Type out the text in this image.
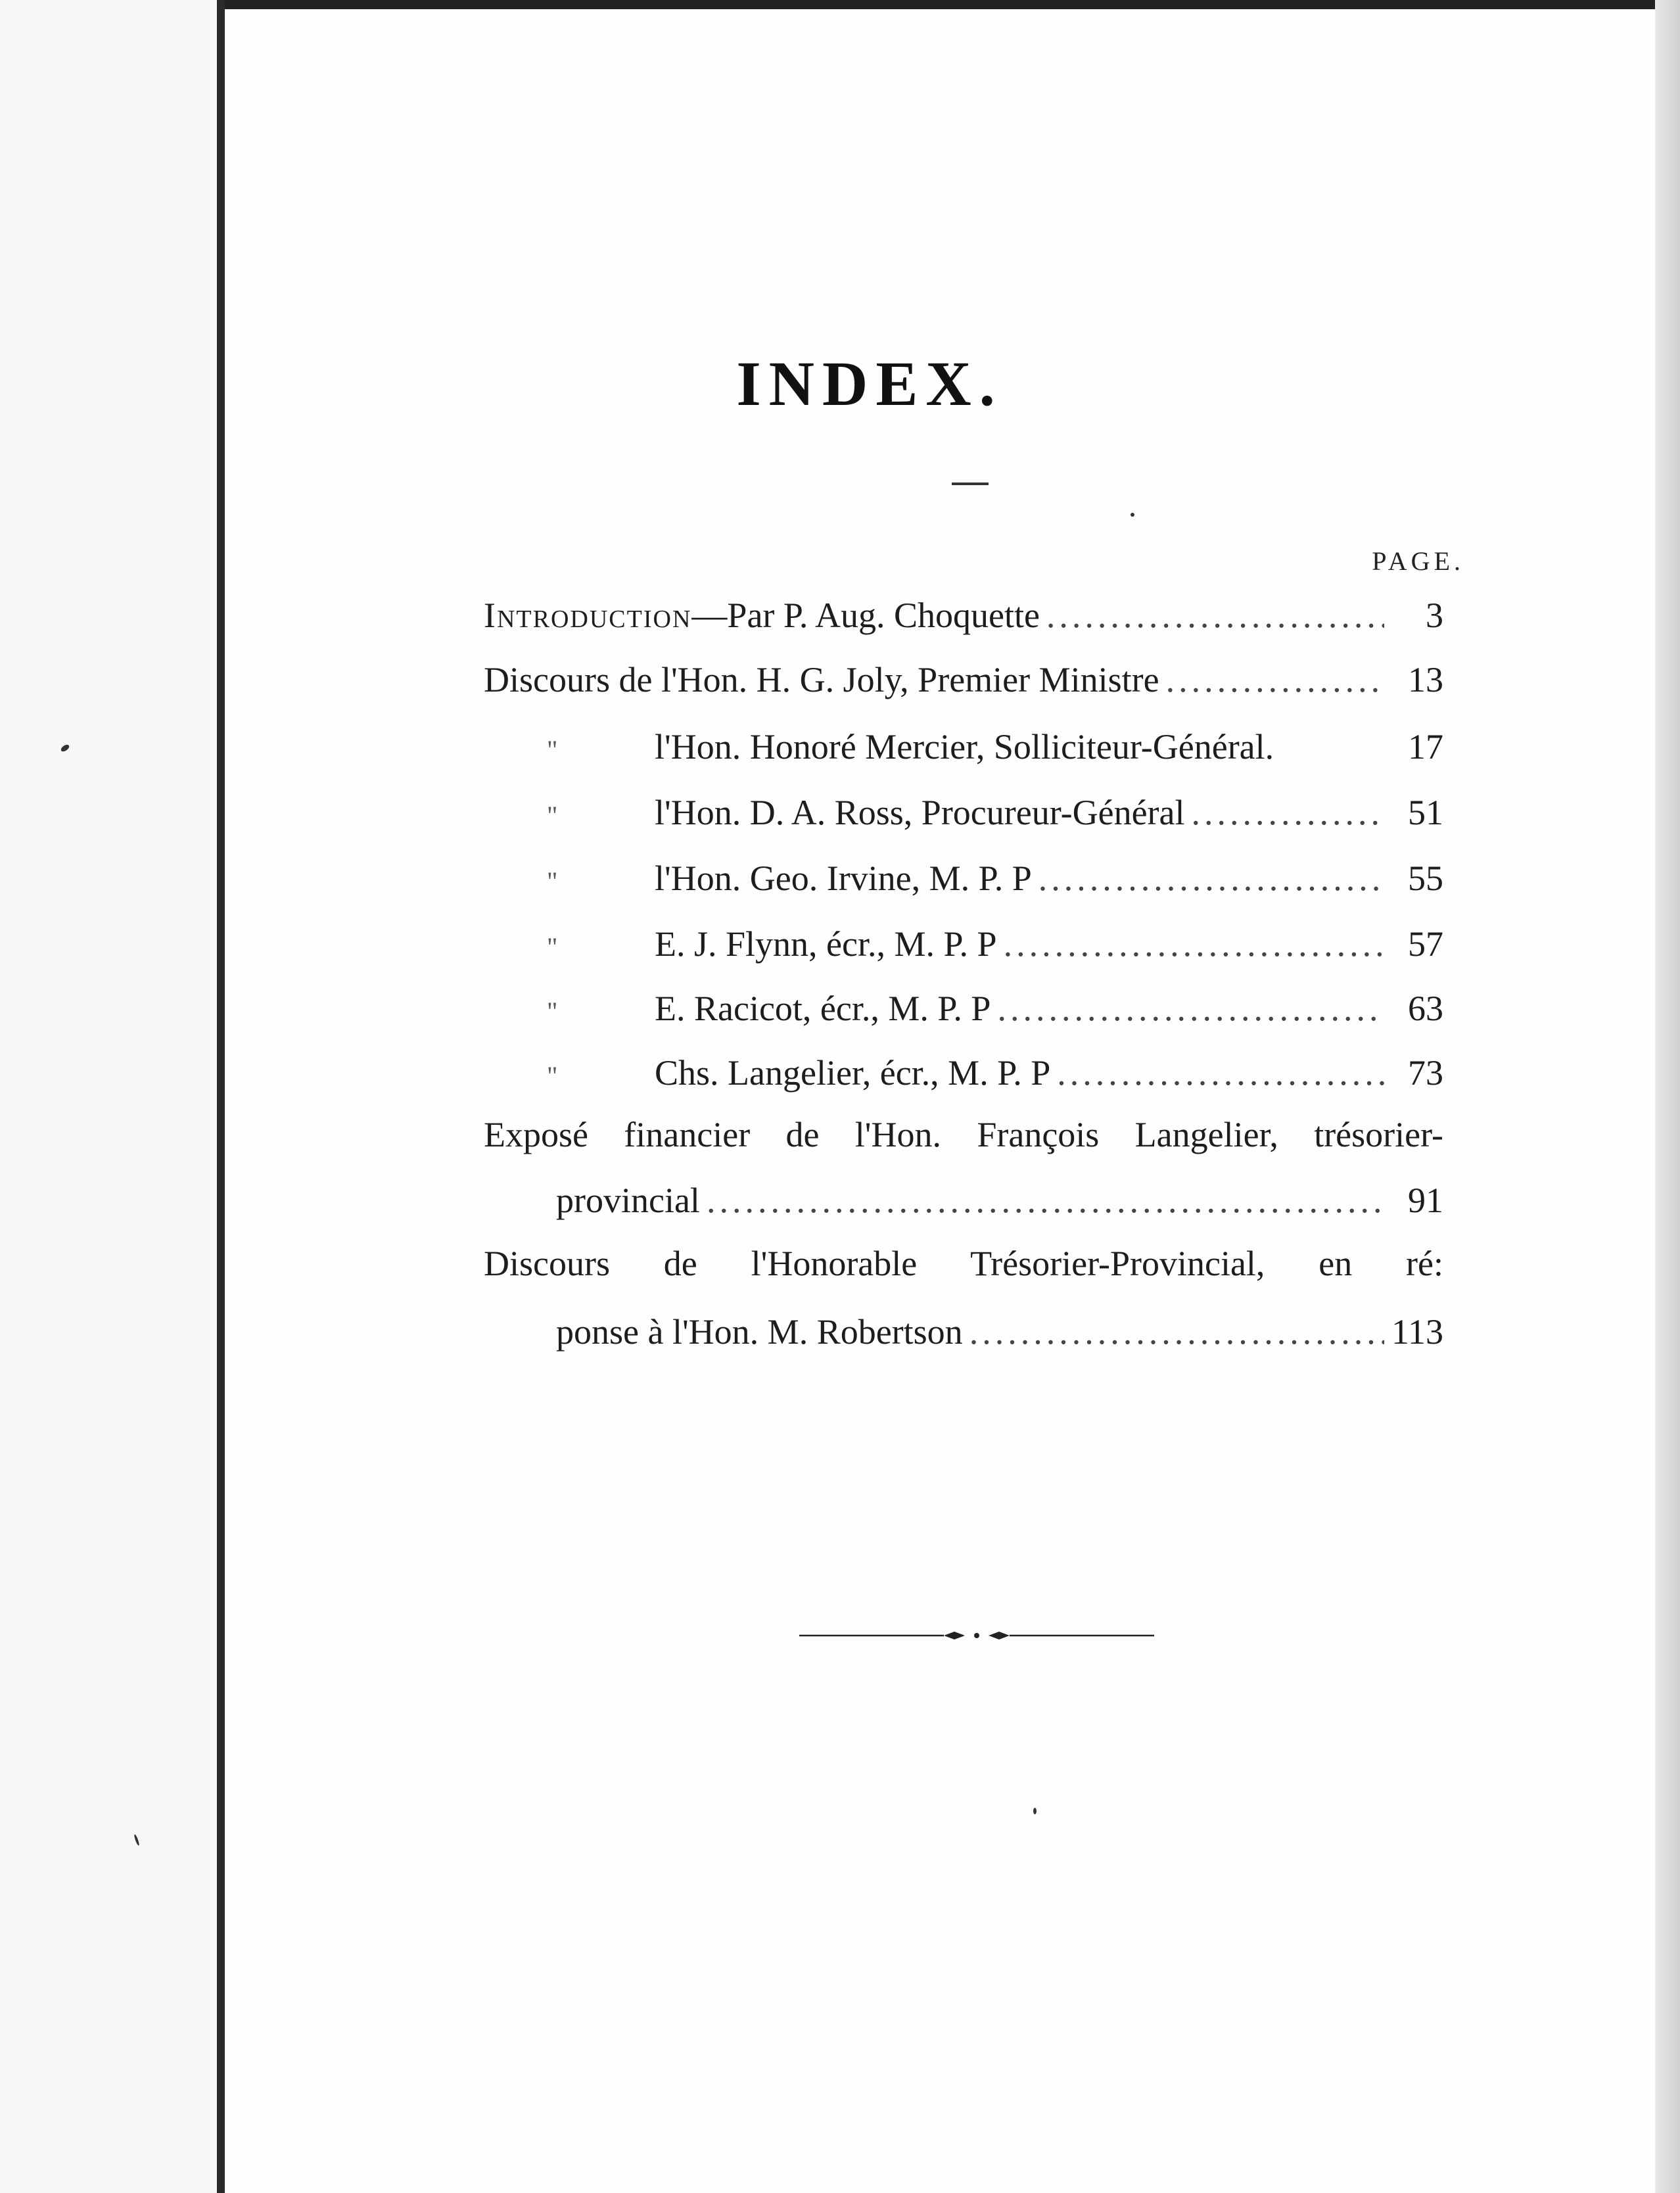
INDEX.
PAGE.
Introduction—Par P. Aug. Choquette .....	3
Discours de l'Hon. H. G. Joly, Premier Ministre .....	13
"	l'Hon. Honoré Mercier, Solliciteur-Général.	17
"	l'Hon. D. A. Ross, Procureur-Général .....	51
"	l'Hon. Geo. Irvine, M. P. P .....	55
"	E. J. Flynn, écr., M. P. P .....	57
"	E. Racicot, écr., M. P. P .....	63
"	Chs. Langelier, écr., M. P. P .....	73
Exposé financier de l'Hon. François Langelier, trésorier-
provincial .....	91
Discours de l'Honorable Trésorier-Provincial, en ré:
ponse à l'Hon. M. Robertson .....	113
